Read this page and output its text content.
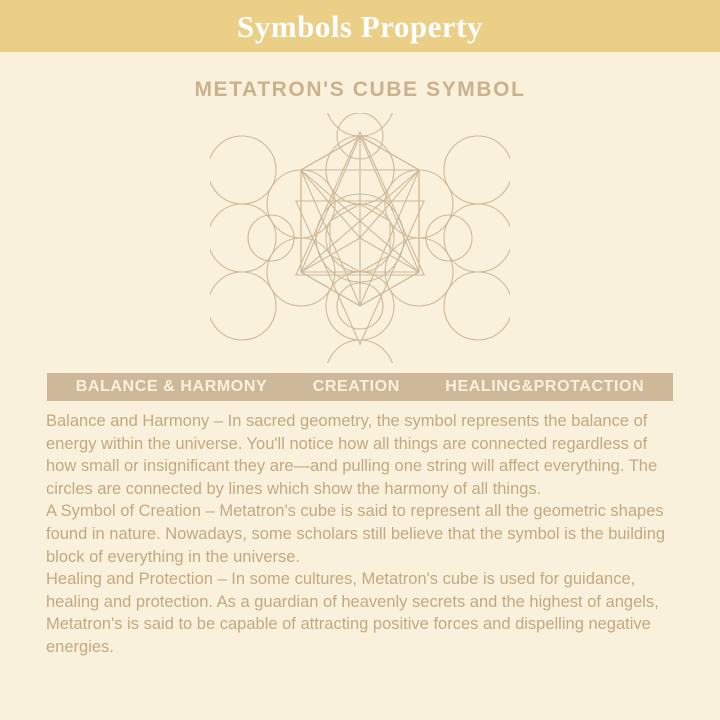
Symbols Property
METATRON'S CUBE SYMBOL
BALANCE & HARMONY	CREATION	HEALING&PROTACTION

Balance and Harmony – In sacred geometry, the symbol represents the balance of energy within the universe. You'll notice how all things are connected regardless of how small or insignificant they are—and pulling one string will affect everything. The circles are connected by lines which show the harmony of all things.

A Symbol of Creation – Metatron's cube is said to represent all the geometric shapes found in nature. Nowadays, some scholars still believe that the symbol is the building block of everything in the universe.

Healing and Protection – In some cultures, Metatron's cube is used for guidance, healing and protection. As a guardian of heavenly secrets and the highest of angels, Metatron's is said to be capable of attracting positive forces and dispelling negative energies.
